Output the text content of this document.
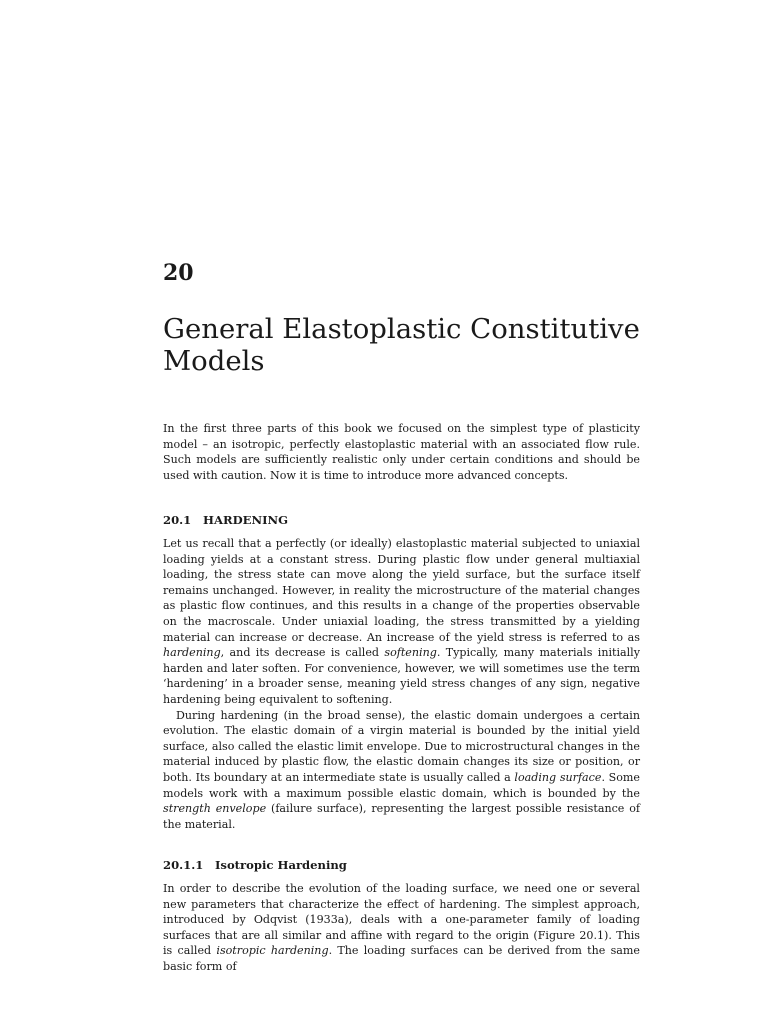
20
General Elastoplastic Constitutive Models

In the first three parts of this book we focused on the simplest type of plasticity model – an isotropic, perfectly elastoplastic material with an associated flow rule. Such models are sufficiently realistic only under certain conditions and should be used with caution. Now it is time to introduce more advanced concepts.

20.1 HARDENING

Let us recall that a perfectly (or ideally) elastoplastic material subjected to uniaxial loading yields at a constant stress. During plastic flow under general multiaxial loading, the stress state can move along the yield surface, but the surface itself remains unchanged. However, in reality the microstructure of the material changes as plastic flow continues, and this results in a change of the properties observable on the macroscale. Under uniaxial loading, the stress transmitted by a yielding material can increase or decrease. An increase of the yield stress is referred to as hardening, and its decrease is called softening. Typically, many materials initially harden and later soften. For convenience, however, we will sometimes use the term ‘hardening’ in a broader sense, meaning yield stress changes of any sign, negative hardening being equivalent to softening.

During hardening (in the broad sense), the elastic domain undergoes a certain evolution. The elastic domain of a virgin material is bounded by the initial yield surface, also called the elastic limit envelope. Due to microstructural changes in the material induced by plastic flow, the elastic domain changes its size or position, or both. Its boundary at an intermediate state is usually called a loading surface. Some models work with a maximum possible elastic domain, which is bounded by the strength envelope (failure surface), representing the largest possible resistance of the material.

20.1.1 Isotropic Hardening

In order to describe the evolution of the loading surface, we need one or several new parameters that characterize the effect of hardening. The simplest approach, introduced by Odqvist (1933a), deals with a one-parameter family of loading surfaces that are all similar and affine with regard to the origin (Figure 20.1). This is called isotropic hardening. The loading surfaces can be derived from the same basic form of
